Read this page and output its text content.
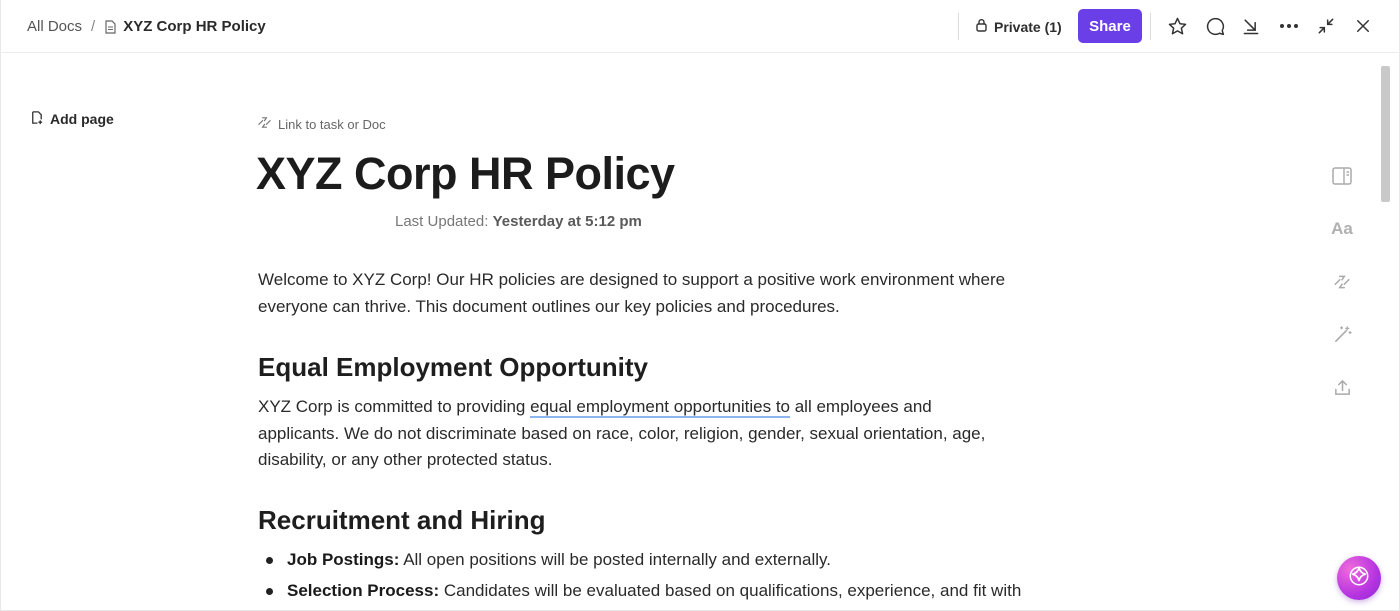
All Docs / XYZ Corp HR Policy	Private (1)	Share
Add page	Link to task or Doc
XYZ Corp HR Policy
Last Updated: Yesterday at 5:12 pm
Welcome to XYZ Corp! Our HR policies are designed to support a positive work environment where
everyone can thrive. This document outlines our key policies and procedures.
Equal Employment Opportunity
XYZ Corp is committed to providing equal employment opportunities to all employees and
applicants. We do not discriminate based on race, color, religion, gender, sexual orientation, age,
disability, or any other protected status.
Recruitment and Hiring
Job Postings: All open positions will be posted internally and externally.
Selection Process: Candidates will be evaluated based on qualifications, experience, and fit with
Aa
